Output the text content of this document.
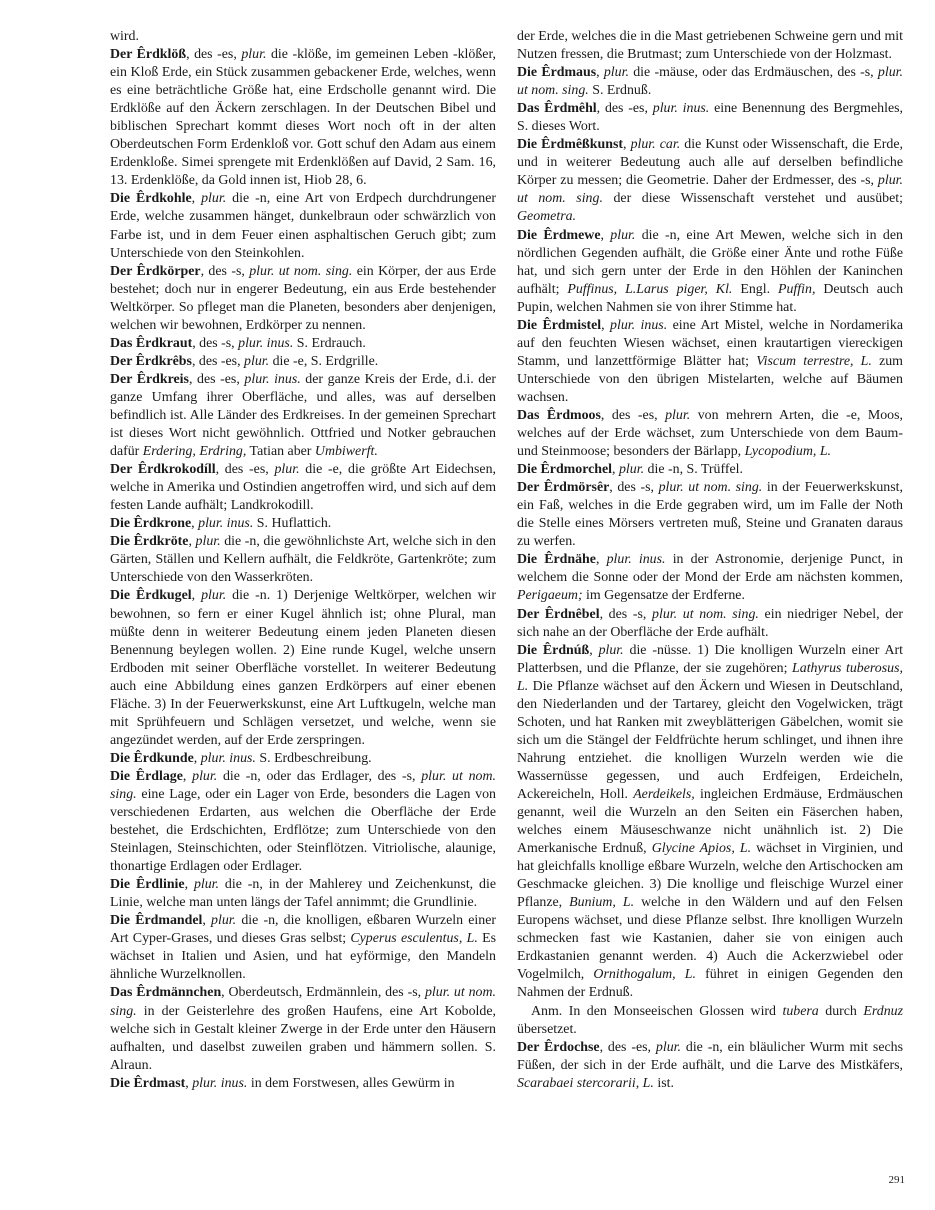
wird.

Der Êrdklöß, des -es, plur. die -klöße, im gemeinen Leben -klößer, ein Kloß Erde, ein Stück zusammen gebackener Erde, welches, wenn es eine beträchtliche Größe hat, eine Erdscholle genannt wird. Die Erdklöße auf den Äckern zerschlagen. In der Deutschen Bibel und biblischen Sprechart kommt dieses Wort noch oft in der alten Oberdeutschen Form Erdenkloß vor. Gott schuf den Adam aus einem Erdenkloße. Simei sprengete mit Erdenklößen auf David, 2 Sam. 16, 13. Erdenklöße, da Gold innen ist, Hiob 28, 6.

Die Êrdkohle, plur. die -n, eine Art von Erdpech durchdrungener Erde, welche zusammen hänget, dunkelbraun oder schwärzlich von Farbe ist, und in dem Feuer einen asphaltischen Geruch gibt; zum Unterschiede von den Steinkohlen.

Der Êrdkörper, des -s, plur. ut nom. sing. ein Körper, der aus Erde bestehet; doch nur in engerer Bedeutung, ein aus Erde bestehender Weltkörper. So pfleget man die Planeten, besonders aber denjenigen, welchen wir bewohnen, Erdkörper zu nennen.

Das Êrdkraut, des -s, plur. inus. S. Erdrauch.

Der Êrdkrêbs, des -es, plur. die -e, S. Erdgrille.

Der Êrdkreis, des -es, plur. inus. der ganze Kreis der Erde, d.i. der ganze Umfang ihrer Oberfläche, und alles, was auf derselben befindlich ist. Alle Länder des Erdkreises. In der gemeinen Sprechart ist dieses Wort nicht gewöhnlich. Ottfried und Notker gebrauchen dafür Erdering, Erdring, Tatian aber Umbiwerft.

Der Êrdkrokodíll, des -es, plur. die -e, die größte Art Eidechsen, welche in Amerika und Ostindien angetroffen wird, und sich auf dem festen Lande aufhält; Landkrokodill.

Die Êrdkrone, plur. inus. S. Huflattich.

Die Êrdkröte, plur. die -n, die gewöhnlichste Art, welche sich in den Gärten, Ställen und Kellern aufhält, die Feldkröte, Gartenkröte; zum Unterschiede von den Wasserkröten.

Die Êrdkugel, plur. die -n. 1) Derjenige Weltkörper, welchen wir bewohnen, so fern er einer Kugel ähnlich ist; ohne Plural, man müßte denn in weiterer Bedeutung einem jeden Planeten diesen Benennung beylegen wollen. 2) Eine runde Kugel, welche unsern Erdboden mit seiner Oberfläche vorstellet. In weiterer Bedeutung auch eine Abbildung eines ganzen Erdkörpers auf einer ebenen Fläche. 3) In der Feuerwerkskunst, eine Art Luftkugeln, welche man mit Sprühfeuern und Schlägen versetzet, und welche, wenn sie angezündet werden, auf der Erde zerspringen.

Die Êrdkunde, plur. inus. S. Erdbeschreibung.

Die Êrdlage, plur. die -n, oder das Erdlager, des -s, plur. ut nom. sing. eine Lage, oder ein Lager von Erde, besonders die Lagen von verschiedenen Erdarten, aus welchen die Oberfläche der Erde bestehet, die Erdschichten, Erdflötze; zum Unterschiede von den Steinlagen, Steinschichten, oder Steinflötzen. Vitriolische, alaunige, thonartige Erdlagen oder Erdlager.

Die Êrdlinie, plur. die -n, in der Mahlerey und Zeichenkunst, die Linie, welche man unten längs der Tafel annimmt; die Grundlinie.

Die Êrdmandel, plur. die -n, die knolligen, eßbaren Wurzeln einer Art Cyper-Grases, und dieses Gras selbst; Cyperus esculentus, L. Es wächset in Italien und Asien, und hat eyförmige, den Mandeln ähnliche Wurzelknollen.

Das Êrdmännchen, Oberdeutsch, Erdmännlein, des -s, plur. ut nom. sing. in der Geisterlehre des großen Haufens, eine Art Kobolde, welche sich in Gestalt kleiner Zwerge in der Erde unter den Häusern aufhalten, und daselbst zuweilen graben und hämmern sollen. S. Alraun.

Die Êrdmast, plur. inus. in dem Forstwesen, alles Gewürm in

der Erde, welches die in die Mast getriebenen Schweine gern und mit Nutzen fressen, die Brutmast; zum Unterschiede von der Holzmast.

Die Êrdmaus, plur. die -mäuse, oder das Erdmäuschen, des -s, plur. ut nom. sing. S. Erdnuß.

Das Êrdmêhl, des -es, plur. inus. eine Benennung des Bergmehles, S. dieses Wort.

Die Êrdmêßkunst, plur. car. die Kunst oder Wissenschaft, die Erde, und in weiterer Bedeutung auch alle auf derselben befindliche Körper zu messen; die Geometrie. Daher der Erdmesser, des -s, plur. ut nom. sing. der diese Wissenschaft verstehet und ausübet; Geometra.

Die Êrdmewe, plur. die -n, eine Art Mewen, welche sich in den nördlichen Gegenden aufhält, die Größe einer Änte und rothe Füße hat, und sich gern unter der Erde in den Höhlen der Kaninchen aufhält; Puffinus, L.Larus piger, Kl. Engl. Puffin, Deutsch auch Pupin, welchen Nahmen sie von ihrer Stimme hat.

Die Êrdmistel, plur. inus. eine Art Mistel, welche in Nordamerika auf den feuchten Wiesen wächset, einen krautartigen viereckigen Stamm, und lanzettförmige Blätter hat; Viscum terrestre, L. zum Unterschiede von den übrigen Mistelarten, welche auf Bäumen wachsen.

Das Êrdmoos, des -es, plur. von mehrern Arten, die -e, Moos, welches auf der Erde wächset, zum Unterschiede von dem Baum- und Steinmoose; besonders der Bärlapp, Lycopodium, L.

Die Êrdmorchel, plur. die -n, S. Trüffel.

Der Êrdmörsêr, des -s, plur. ut nom. sing. in der Feuerwerkskunst, ein Faß, welches in die Erde gegraben wird, um im Falle der Noth die Stelle eines Mörsers vertreten muß, Steine und Granaten daraus zu werfen.

Die Êrdnähe, plur. inus. in der Astronomie, derjenige Punct, in welchem die Sonne oder der Mond der Erde am nächsten kommen, Perigaeum; im Gegensatze der Erdferne.

Der Êrdnêbel, des -s, plur. ut nom. sing. ein niedriger Nebel, der sich nahe an der Oberfläche der Erde aufhält.

Die Êrdnúß, plur. die -nüsse. 1) Die knolligen Wurzeln einer Art Platterbsen, und die Pflanze, der sie zugehören; Lathyrus tuberosus, L. Die Pflanze wächset auf den Äckern und Wiesen in Deutschland, den Niederlanden und der Tartarey, gleicht den Vogelwicken, trägt Schoten, und hat Ranken mit zweyblätterigen Gäbelchen, womit sie sich um die Stängel der Feldfrüchte herum schlinget, und ihnen ihre Nahrung entziehet. die knolligen Wurzeln werden wie die Wassernüsse gegessen, und auch Erdfeigen, Erdeicheln, Ackereicheln, Holl. Aerdeikels, ingleichen Erdmäuse, Erdmäuschen genannt, weil die Wurzeln an den Seiten ein Fäserchen haben, welches einem Mäuseschwanze nicht unähnlich ist. 2) Die Amerkanische Erdnuß, Glycine Apios, L. wächset in Virginien, und hat gleichfalls knollige eßbare Wurzeln, welche den Artischocken am Geschmacke gleichen. 3) Die knollige und fleischige Wurzel einer Pflanze, Bunium, L. welche in den Wäldern und auf den Felsen Europens wächset, und diese Pflanze selbst. Ihre knolligen Wurzeln schmecken fast wie Kastanien, daher sie von einigen auch Erdkastanien genannt werden. 4) Auch die Ackerzwiebel oder Vogelmilch, Ornithogalum, L. führet in einigen Gegenden den Nahmen der Erdnuß.

Anm. In den Monseeischen Glossen wird tubera durch Erdnuz übersetzet.

Der Êrdochse, des -es, plur. die -n, ein bläulicher Wurm mit sechs Füßen, der sich in der Erde aufhält, und die Larve des Mistkäfers, Scarabaei stercorarii, L. ist.

291
